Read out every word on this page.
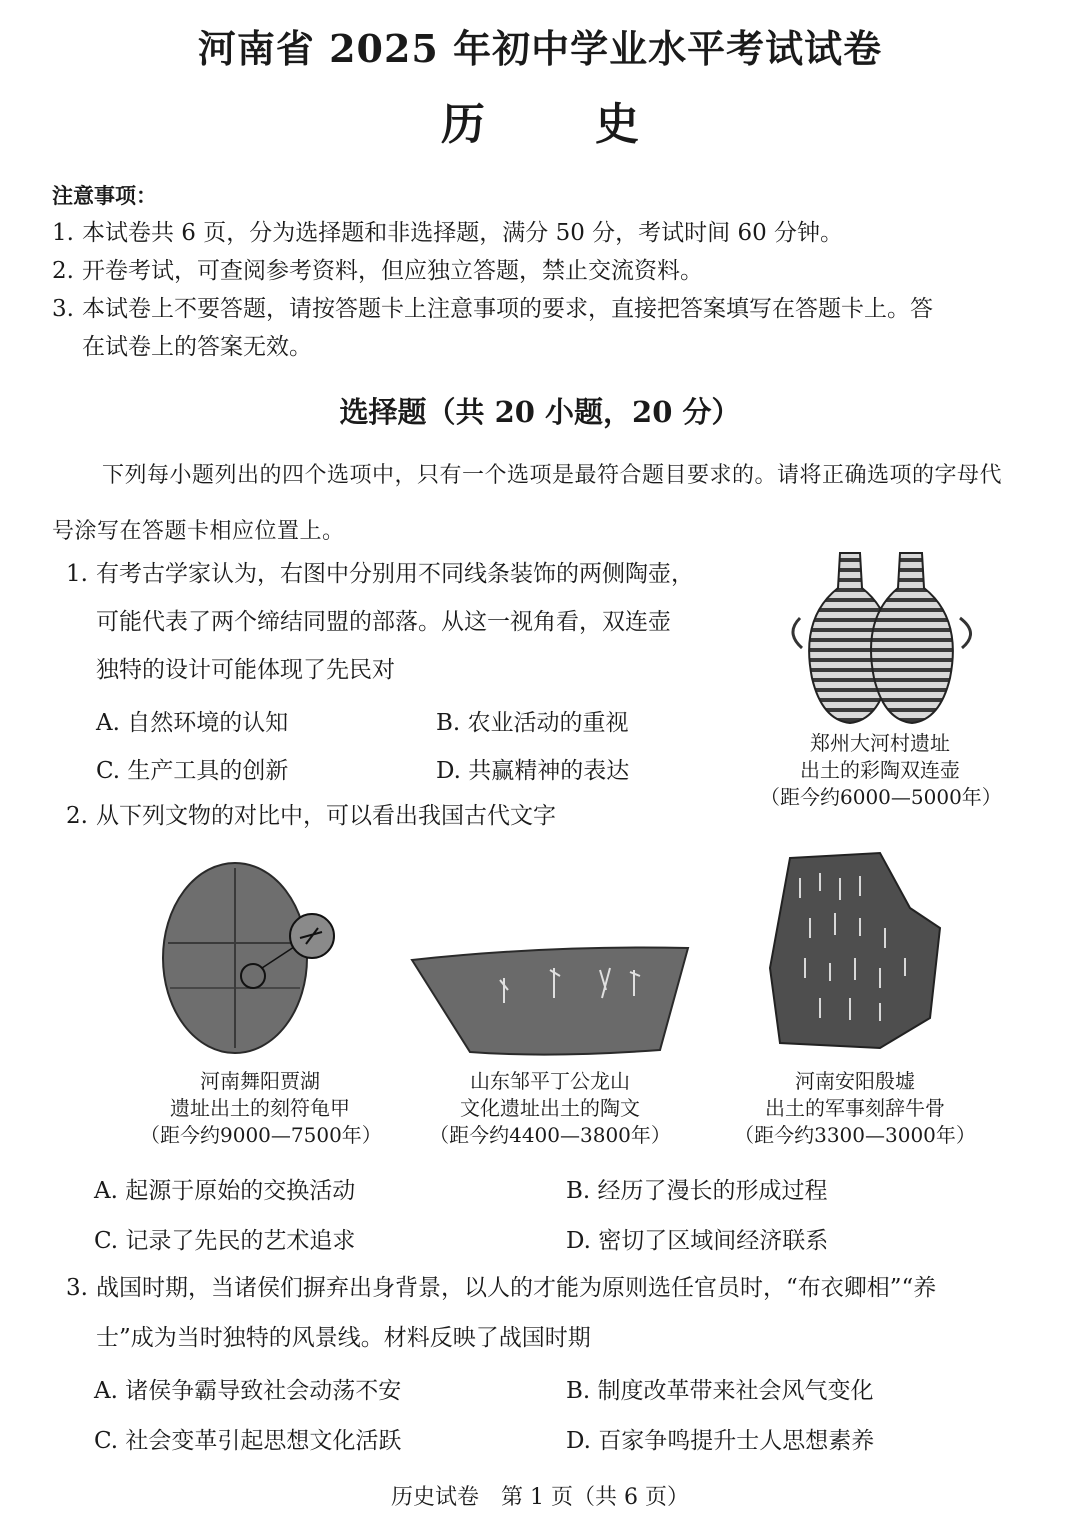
河南省 2025 年初中学业水平考试试卷
历史
注意事项：
1. 本试卷共 6 页，分为选择题和非选择题，满分 50 分，考试时间 60 分钟。
2. 开卷考试，可查阅参考资料，但应独立答题，禁止交流资料。
3. 本试卷上不要答题，请按答题卡上注意事项的要求，直接把答案填写在答题卡上。答
在试卷上的答案无效。
选择题（共 20 小题，20 分）
下列每小题列出的四个选项中，只有一个选项是最符合题目要求的。请将正确选项的字母代号涂写在答题卡相应位置上。
1. 有考古学家认为，右图中分别用不同线条装饰的两侧陶壶，
可能代表了两个缔结同盟的部落。从这一视角看，双连壶
独特的设计可能体现了先民对
A. 自然环境的认知	B. 农业活动的重视
C. 生产工具的创新	D. 共赢精神的表达
郑州大河村遗址
出土的彩陶双连壶
（距今约6000—5000年）
2. 从下列文物的对比中，可以看出我国古代文字
河南舞阳贾湖
遗址出土的刻符龟甲
（距今约9000—7500年）
山东邹平丁公龙山
文化遗址出土的陶文
（距今约4400—3800年）
河南安阳殷墟
出土的军事刻辞牛骨
（距今约3300—3000年）
A. 起源于原始的交换活动	B. 经历了漫长的形成过程
C. 记录了先民的艺术追求	D. 密切了区域间经济联系
3. 战国时期，当诸侯们摒弃出身背景，以人的才能为原则选任官员时，“布衣卿相”“养
士”成为当时独特的风景线。材料反映了战国时期
A. 诸侯争霸导致社会动荡不安	B. 制度改革带来社会风气变化
C. 社会变革引起思想文化活跃	D. 百家争鸣提升士人思想素养
历史试卷　第 1 页（共 6 页）
